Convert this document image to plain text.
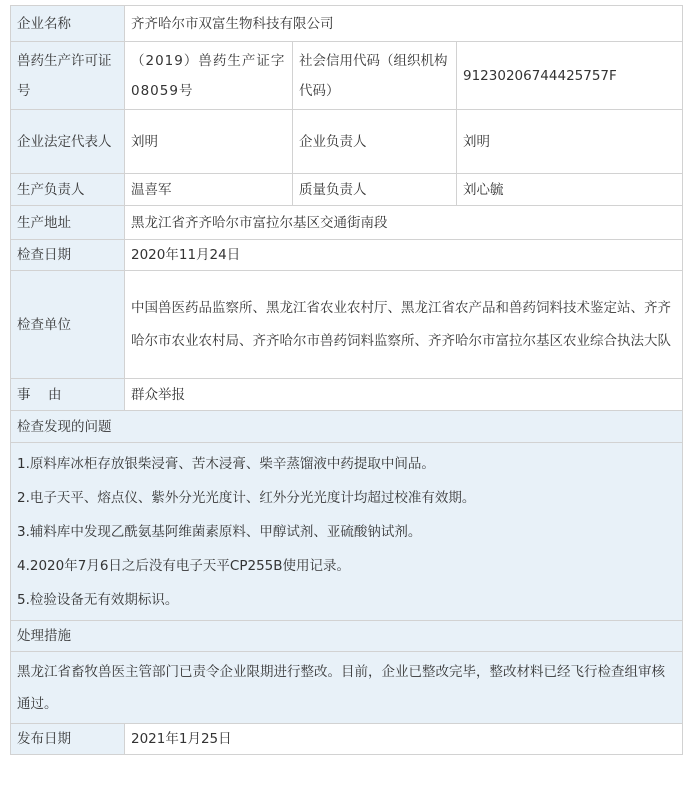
企业名称	齐齐哈尔市双富生物科技有限公司		
兽药生产许可证号	（2019）兽药生产证字08059号	社会信用代码（组织机构代码）	91230206744425757F
企业法定代表人	刘明	企业负责人	刘明
生产负责人	温喜军	质量负责人	刘心毓
生产地址	黑龙江省齐齐哈尔市富拉尔基区交通街南段		
检查日期	2020年11月24日		
检查单位	中国兽医药品监察所、黑龙江省农业农村厅、黑龙江省农产品和兽药饲料技术鉴定站、齐齐哈尔市农业农村局、齐齐哈尔市兽药饲料监察所、齐齐哈尔市富拉尔基区农业综合执法大队		
事　由	群众举报		
检查发现的问题			

1.原料库冰柜存放银柴浸膏、苦木浸膏、柴辛蒸馏液中药提取中间品。
2.电子天平、熔点仪、紫外分光光度计、红外分光光度计均超过校准有效期。
3.辅料库中发现乙酰氨基阿维菌素原料、甲醇试剂、亚硫酸钠试剂。
4.2020年7月6日之后没有电子天平CP255B使用记录。
5.检验设备无有效期标识。			

处理措施			
黑龙江省畜牧兽医主管部门已责令企业限期进行整改。目前，企业已整改完毕，整改材料已经飞行检查组审核通过。			
发布日期	2021年1月25日		
